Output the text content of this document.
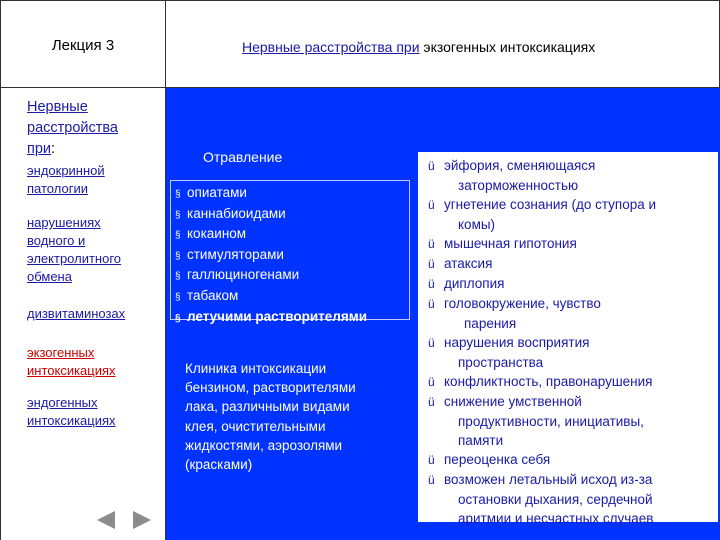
Лекция 3	Нервные расстройства при экзогенных интоксикациях
Нервные
расстройства
при:
эндокринной
патологии
нарушениях
водного и
электролитного
обмена
дизвитаминозах
экзогенных
интоксикациях
эндогенных
интоксикациях
Отравление
§ опиатами
§ каннабиоидами
§ кокаином
§ стимуляторами
§ галлюциногенами
§ табаком
§ летучими растворителями
Клиника интоксикации
бензином, растворителями
лака, различными видами
клея, очистительными
жидкостями, аэрозолями
(красками)
ü эйфория, сменяющаяся
заторможенностью
ü угнетение сознания (до ступора и
комы)
ü мышечная гипотония
ü атаксия
ü диплопия
ü головокружение, чувство
парения
ü нарушения восприятия
пространства
ü конфликтность, правонарушения
ü снижение умственной
продуктивности, инициативы,
памяти
ü переоценка себя
ü возможен летальный исход из-за
остановки дыхания, сердечной
аритмии и несчастных случаев
